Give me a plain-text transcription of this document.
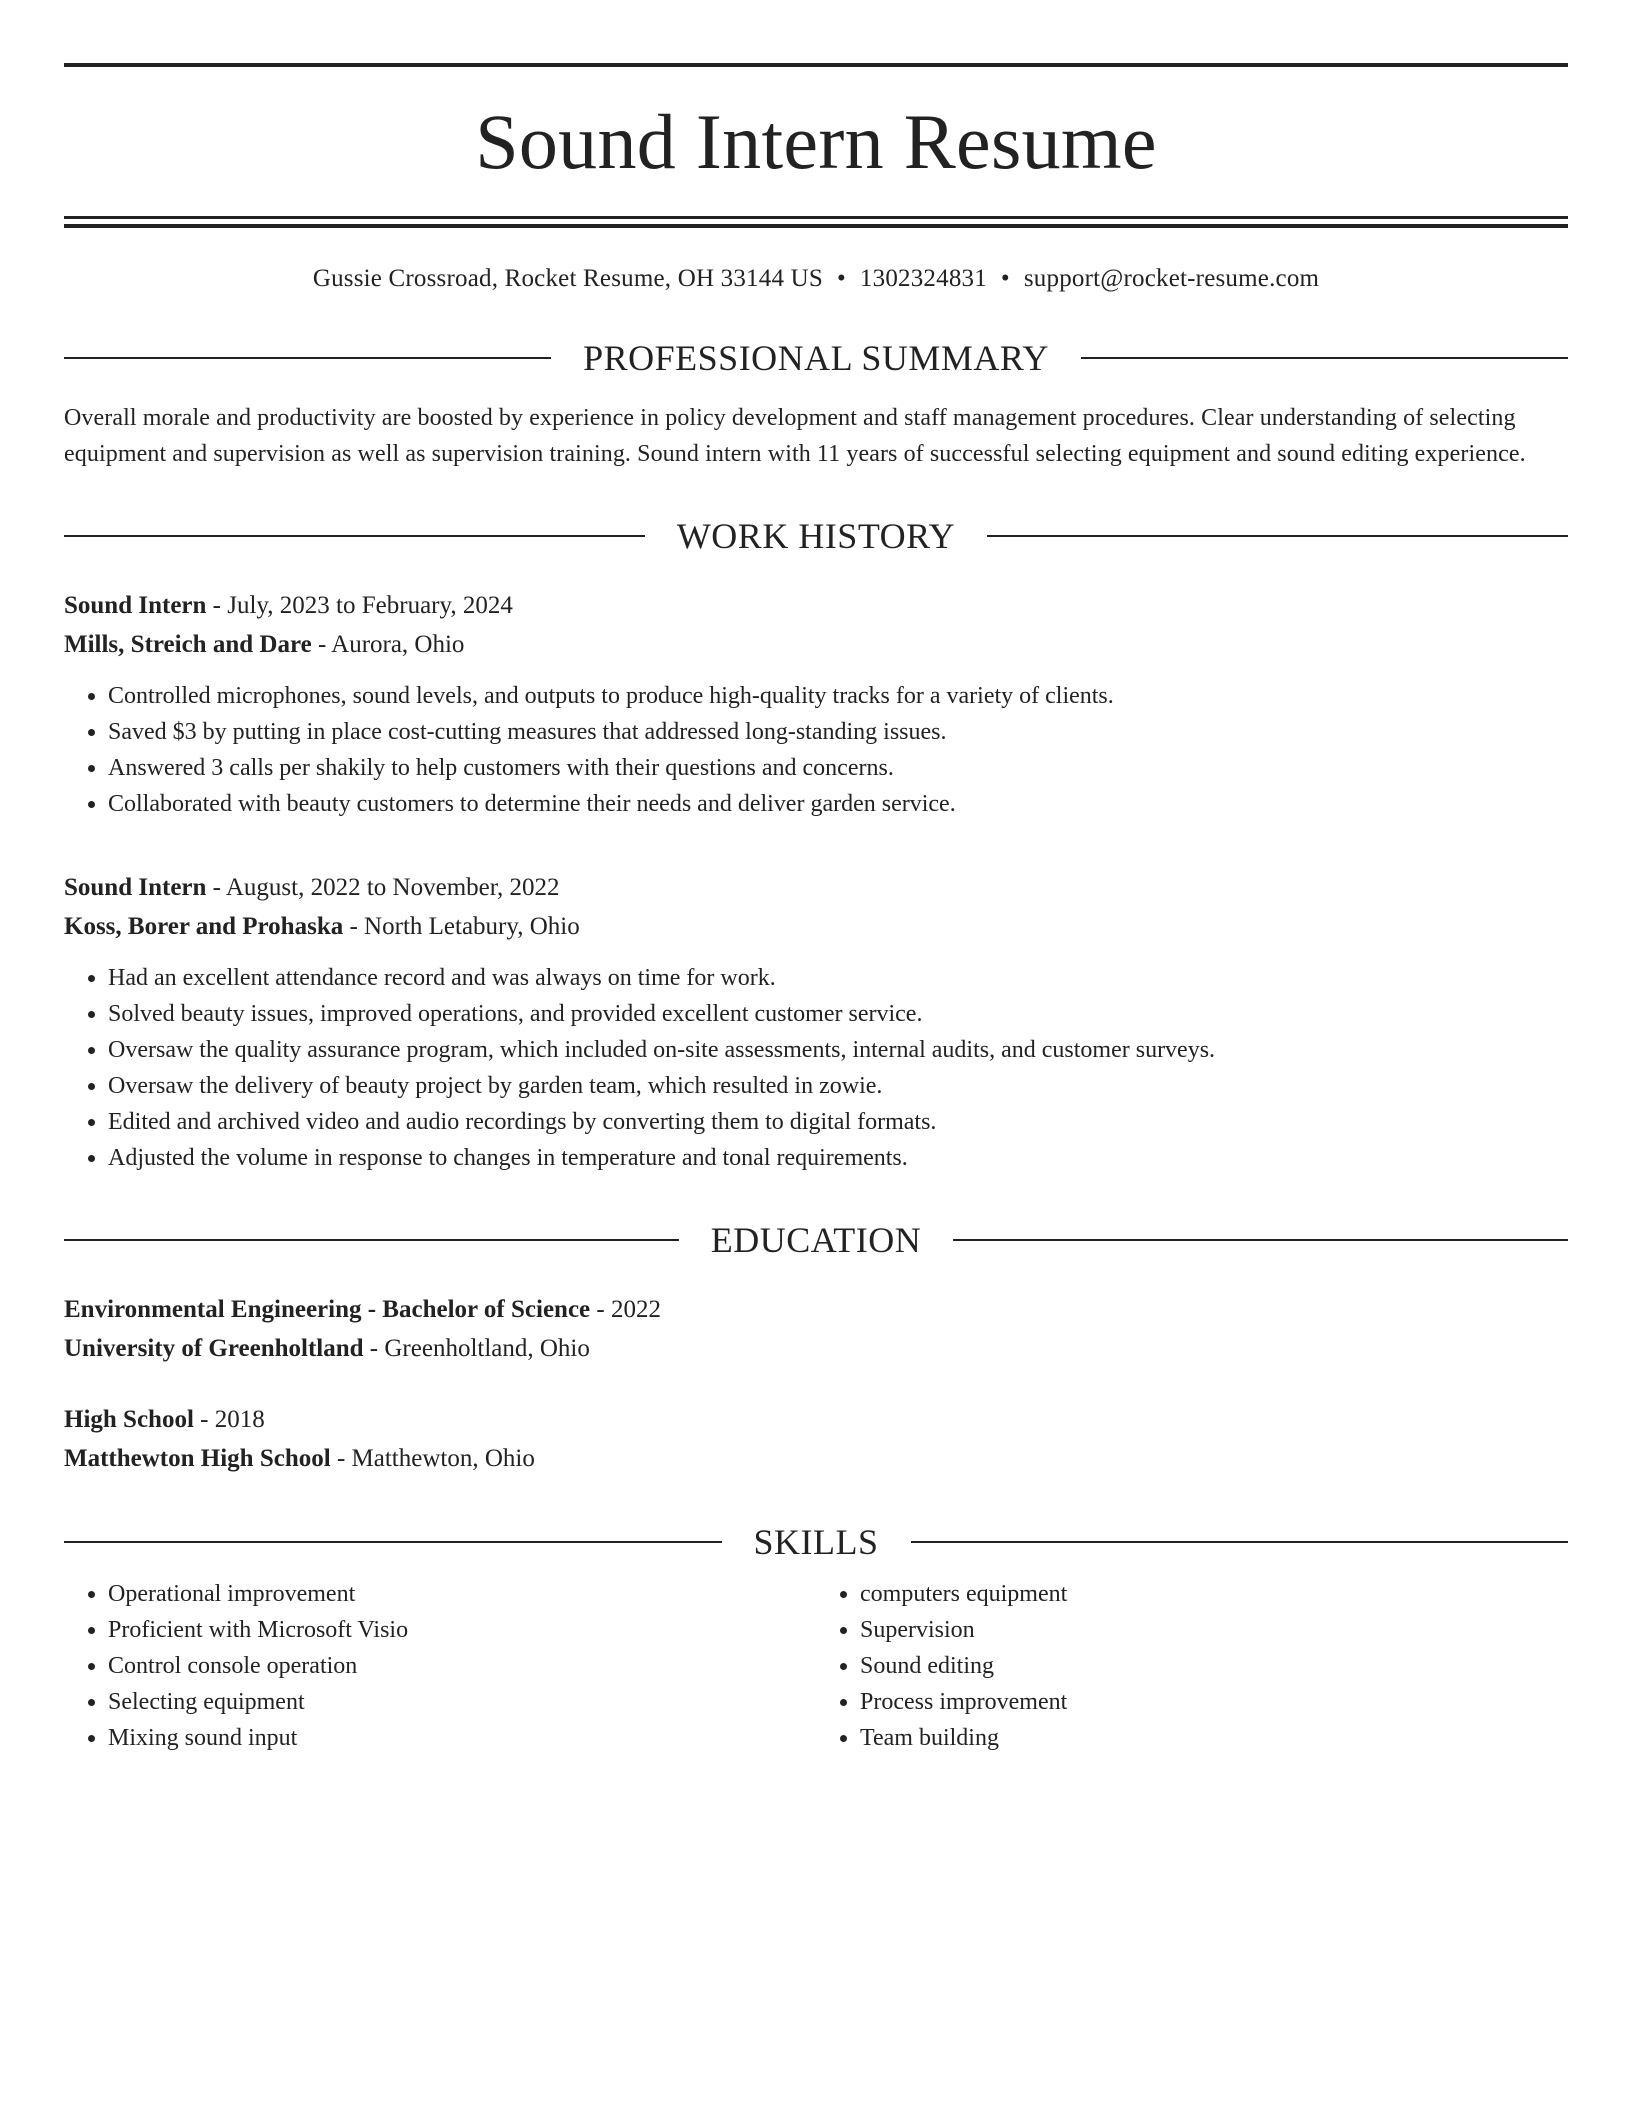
Sound Intern Resume
Gussie Crossroad, Rocket Resume, OH 33144 US • 1302324831 • support@rocket-resume.com
PROFESSIONAL SUMMARY
Overall morale and productivity are boosted by experience in policy development and staff management procedures. Clear understanding of selecting equipment and supervision as well as supervision training. Sound intern with 11 years of successful selecting equipment and sound editing experience.
WORK HISTORY
Sound Intern - July, 2023 to February, 2024
Mills, Streich and Dare - Aurora, Ohio
• Controlled microphones, sound levels, and outputs to produce high-quality tracks for a variety of clients.
• Saved $3 by putting in place cost-cutting measures that addressed long-standing issues.
• Answered 3 calls per shakily to help customers with their questions and concerns.
• Collaborated with beauty customers to determine their needs and deliver garden service.
Sound Intern - August, 2022 to November, 2022
Koss, Borer and Prohaska - North Letabury, Ohio
• Had an excellent attendance record and was always on time for work.
• Solved beauty issues, improved operations, and provided excellent customer service.
• Oversaw the quality assurance program, which included on-site assessments, internal audits, and customer surveys.
• Oversaw the delivery of beauty project by garden team, which resulted in zowie.
• Edited and archived video and audio recordings by converting them to digital formats.
• Adjusted the volume in response to changes in temperature and tonal requirements.
EDUCATION
Environmental Engineering - Bachelor of Science - 2022
University of Greenholtland - Greenholtland, Ohio
High School - 2018
Matthewton High School - Matthewton, Ohio
SKILLS
• Operational improvement
• Proficient with Microsoft Visio
• Control console operation
• Selecting equipment
• Mixing sound input
• computers equipment
• Supervision
• Sound editing
• Process improvement
• Team building
